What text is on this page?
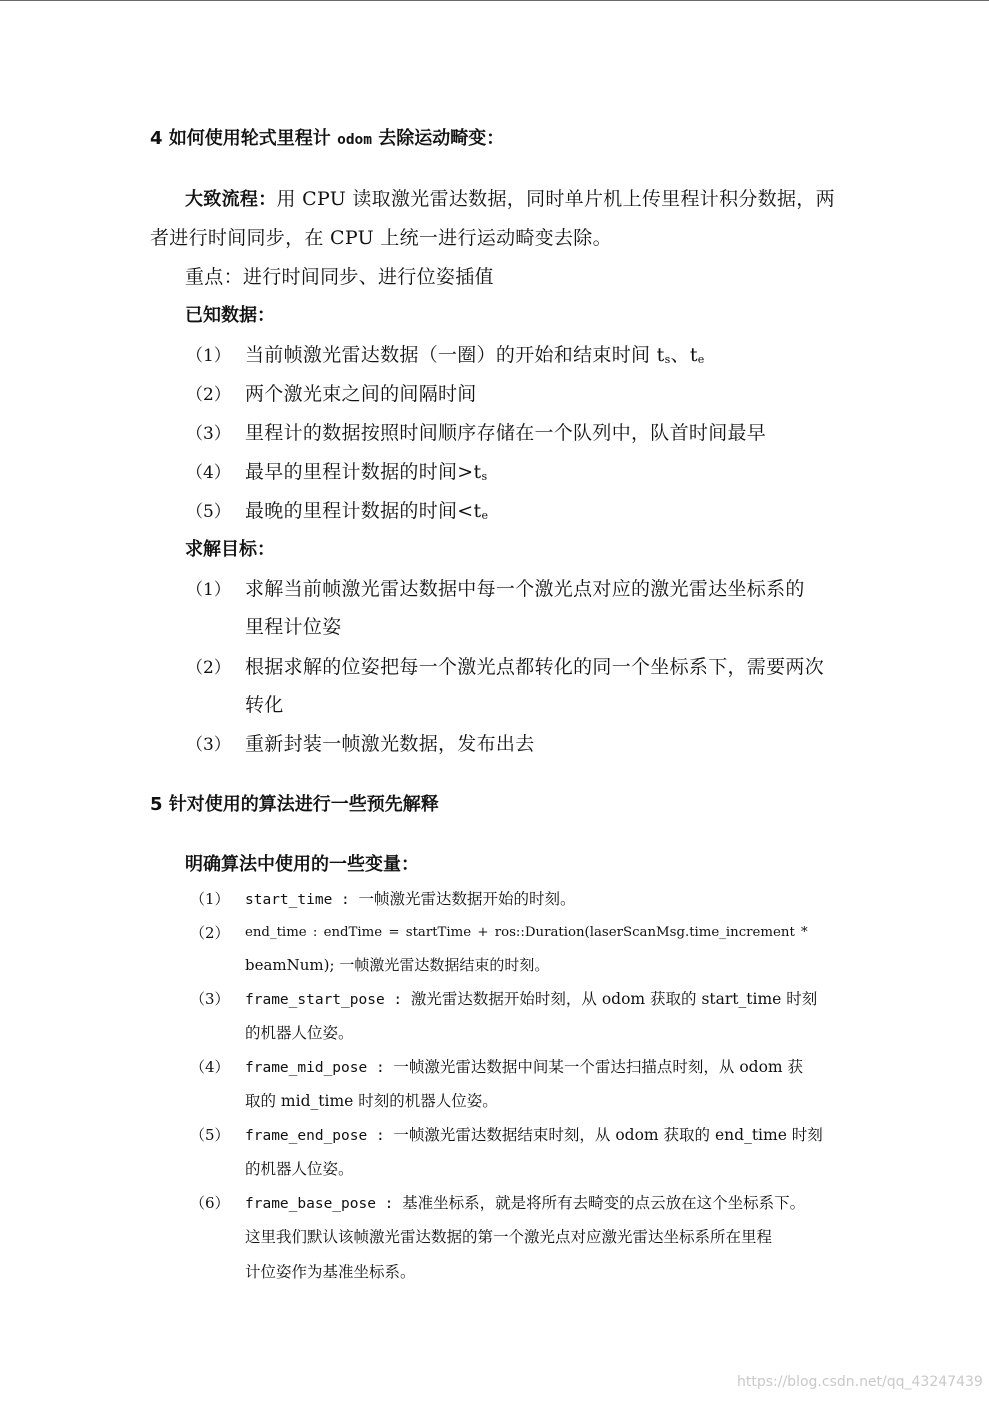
4 如何使用轮式里程计 odom 去除运动畸变：
大致流程：用 CPU 读取激光雷达数据，同时单片机上传里程计积分数据，两
者进行时间同步，在 CPU 上统一进行运动畸变去除。
重点：进行时间同步、进行位姿插值
已知数据：
（1） 当前帧激光雷达数据（一圈）的开始和结束时间 $t_s$、$t_e$
（2） 两个激光束之间的间隔时间
（3） 里程计的数据按照时间顺序存储在一个队列中，队首时间最早
（4） 最早的里程计数据的时间$>t_s$
（5） 最晚的里程计数据的时间$<t_e$
求解目标：
（1） 求解当前帧激光雷达数据中每一个激光点对应的激光雷达坐标系的
里程计位姿
（2） 根据求解的位姿把每一个激光点都转化的同一个坐标系下，需要两次
转化
（3） 重新封装一帧激光数据，发布出去
5 针对使用的算法进行一些预先解释
明确算法中使用的一些变量：
（1） start_time : 一帧激光雷达数据开始的时刻。
（2） end_time : endTime = startTime + ros::Duration(laserScanMsg.time_increment *
beamNum); 一帧激光雷达数据结束的时刻。
（3） frame_start_pose : 激光雷达数据开始时刻，从 odom 获取的 start_time 时刻
的机器人位姿。
（4） frame_mid_pose : 一帧激光雷达数据中间某一个雷达扫描点时刻，从 odom 获
取的 mid_time 时刻的机器人位姿。
（5） frame_end_pose : 一帧激光雷达数据结束时刻，从 odom 获取的 end_time 时刻
的机器人位姿。
（6） frame_base_pose : 基准坐标系，就是将所有去畸变的点云放在这个坐标系下。
这里我们默认该帧激光雷达数据的第一个激光点对应激光雷达坐标系所在里程
计位姿作为基准坐标系。
https://blog.csdn.net/qq_43247439
